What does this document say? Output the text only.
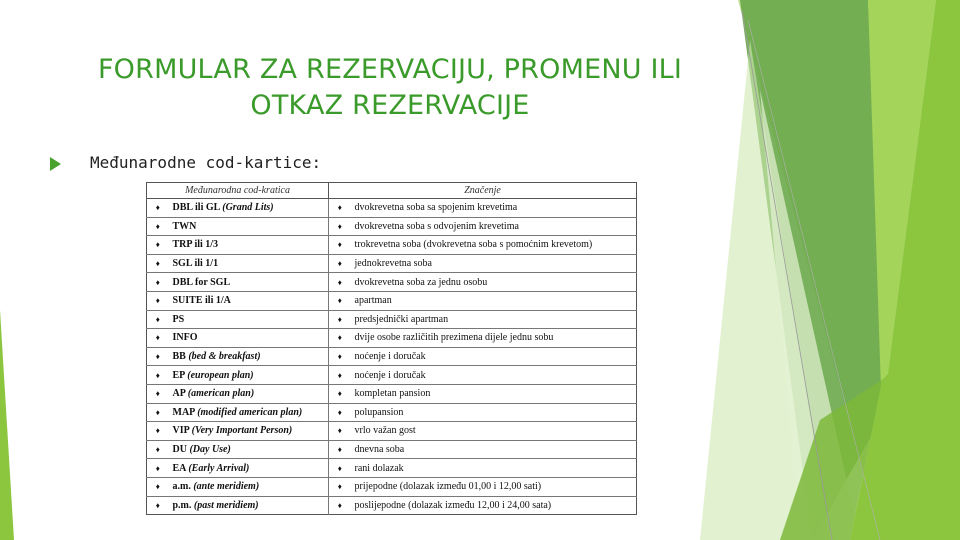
FORMULAR ZA REZERVACIJU, PROMENU ILI
OTKAZ REZERVACIJE
Međunarodne cod-kartice:
Međunarodna cod-kratica		Značenje	
♦	DBL ili GL (Grand Lits)	♦	dvokrevetna soba sa spojenim krevetima
♦	TWN	♦	dvokrevetna soba s odvojenim krevetima
♦	TRP ili 1/3	♦	trokrevetna soba (dvokrevetna soba s pomoćnim krevetom)
♦	SGL ili 1/1	♦	jednokrevetna soba
♦	DBL for SGL	♦	dvokrevetna soba za jednu osobu
♦	SUITE ili 1/A	♦	apartman
♦	PS	♦	predsjednički apartman
♦	INFO	♦	dvije osobe različitih prezimena dijele jednu sobu
♦	BB (bed & breakfast)	♦	noćenje i doručak
♦	EP (european plan)	♦	noćenje i doručak
♦	AP (american plan)	♦	kompletan pansion
♦	MAP (modified american plan)	♦	polupansion
♦	VIP (Very Important Person)	♦	vrlo važan gost
♦	DU (Day Use)	♦	dnevna soba
♦	EA (Early Arrival)	♦	rani dolazak
♦	a.m. (ante meridiem)	♦	prijepodne (dolazak između 01,00 i 12,00 sati)
♦	p.m. (past meridiem)	♦	poslijepodne (dolazak između 12,00 i 24,00 sata)
